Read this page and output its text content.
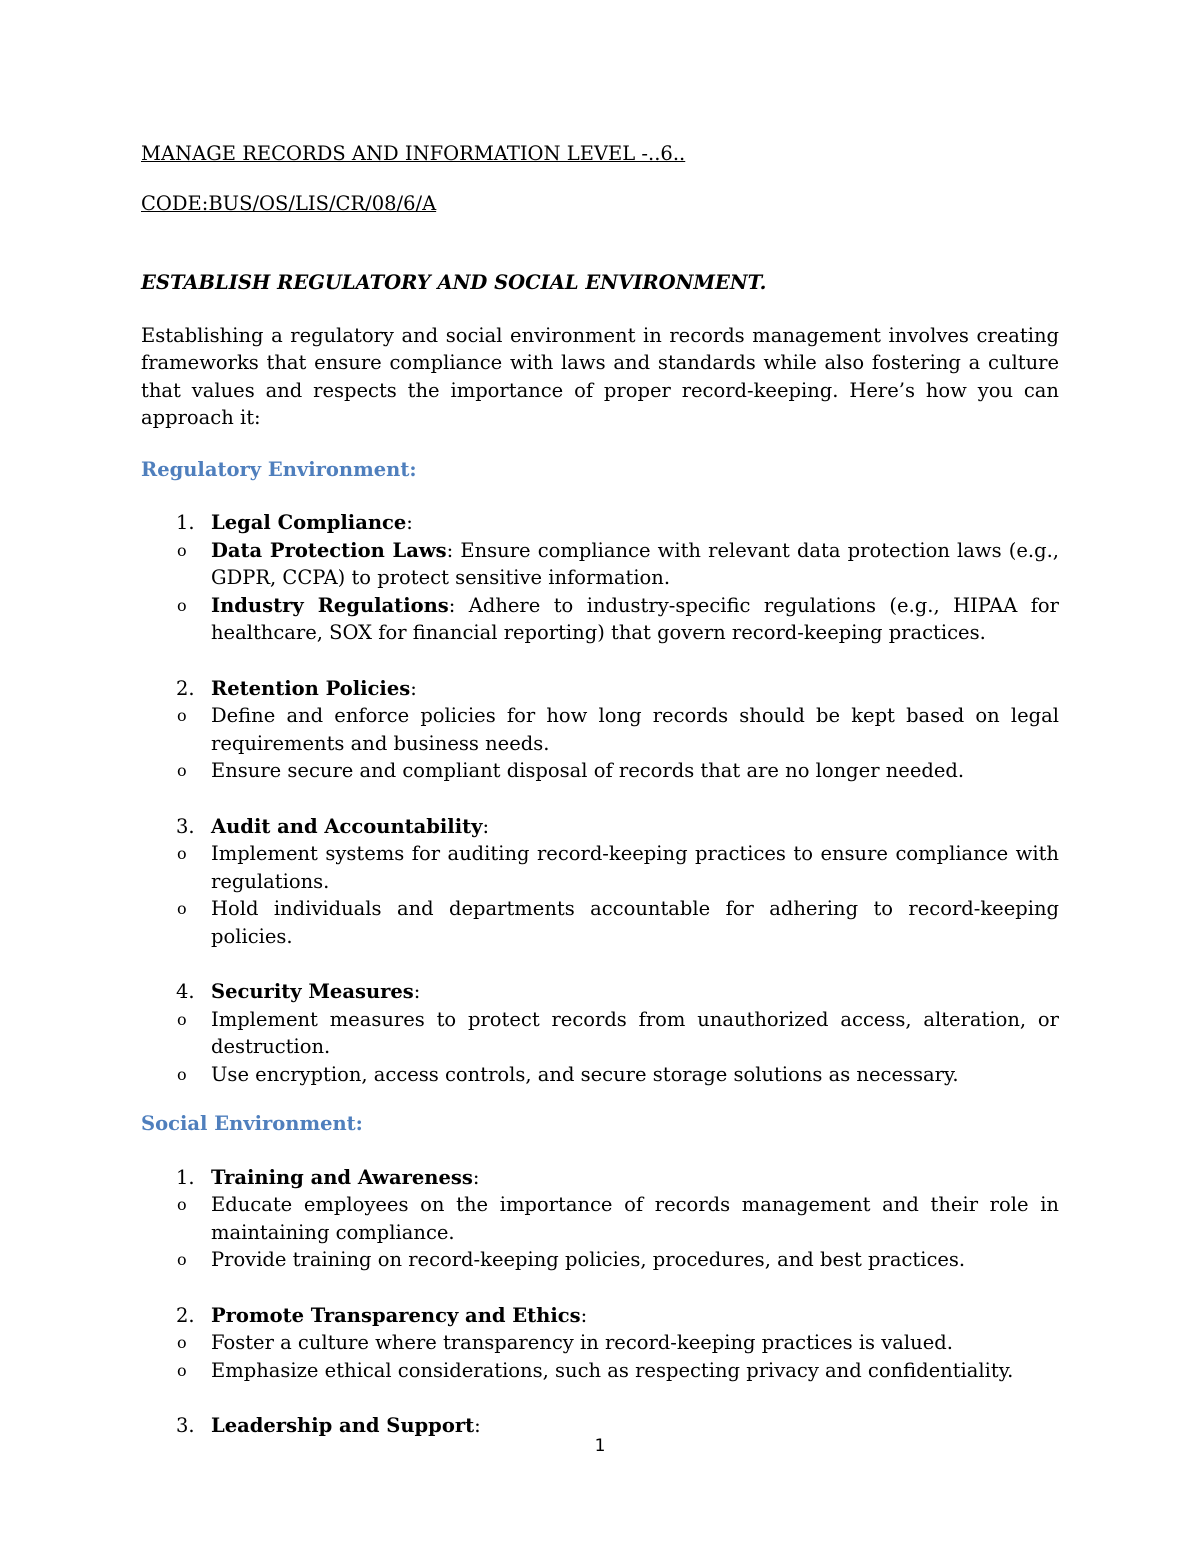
MANAGE RECORDS AND INFORMATION LEVEL -..6..

CODE:BUS/OS/LIS/CR/08/6/A

ESTABLISH REGULATORY AND SOCIAL ENVIRONMENT.

Establishing a regulatory and social environment in records management involves creating frameworks that ensure compliance with laws and standards while also fostering a culture that values and respects the importance of proper record-keeping. Here’s how you can approach it:

Regulatory Environment:

1. Legal Compliance:
o Data Protection Laws: Ensure compliance with relevant data protection laws (e.g., GDPR, CCPA) to protect sensitive information.
o Industry Regulations: Adhere to industry-specific regulations (e.g., HIPAA for healthcare, SOX for financial reporting) that govern record-keeping practices.
2. Retention Policies:
o Define and enforce policies for how long records should be kept based on legal requirements and business needs.
o Ensure secure and compliant disposal of records that are no longer needed.
3. Audit and Accountability:
o Implement systems for auditing record-keeping practices to ensure compliance with regulations.
o Hold individuals and departments accountable for adhering to record-keeping policies.
4. Security Measures:
o Implement measures to protect records from unauthorized access, alteration, or destruction.
o Use encryption, access controls, and secure storage solutions as necessary.

Social Environment:

1. Training and Awareness:
o Educate employees on the importance of records management and their role in maintaining compliance.
o Provide training on record-keeping policies, procedures, and best practices.
2. Promote Transparency and Ethics:
o Foster a culture where transparency in record-keeping practices is valued.
o Emphasize ethical considerations, such as respecting privacy and confidentiality.
3. Leadership and Support:
1
